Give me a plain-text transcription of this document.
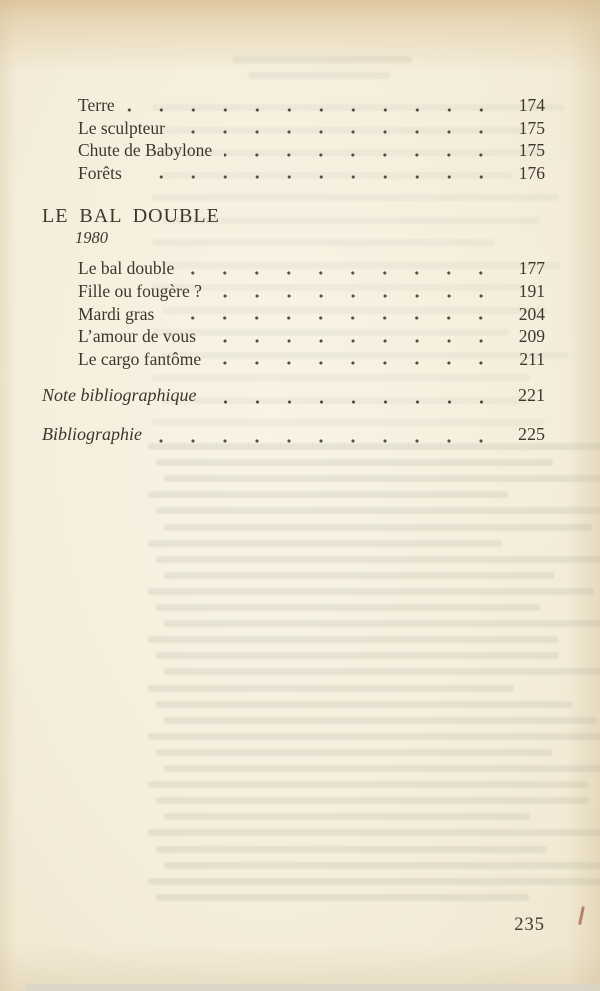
Terre	174
Le sculpteur	175
Chute de Babylone	175
Forêts	176
LE BAL DOUBLE
1980
Le bal double	177
Fille ou fougère ?	191
Mardi gras	204
L’amour de vous	209
Le cargo fantôme	211
Note bibliographique	221
Bibliographie	225
235
